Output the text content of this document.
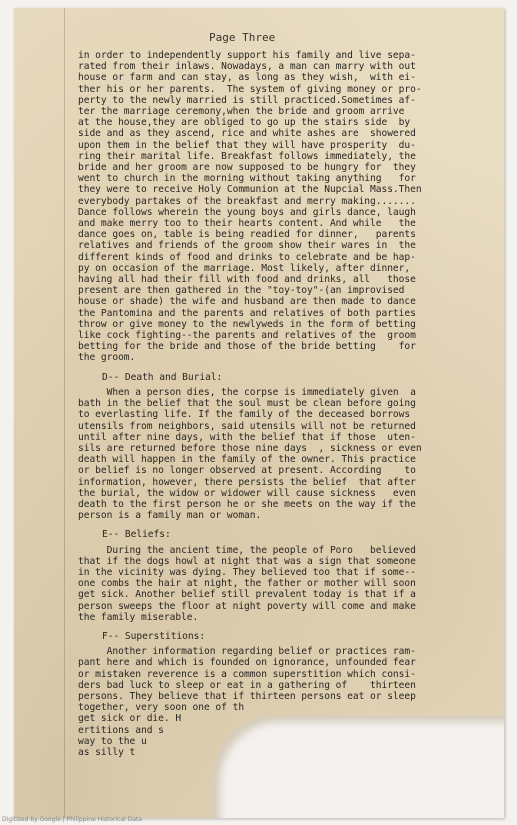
Page Three
in order to independently support his family and live sepa-
rated from their inlaws. Nowadays, a man can marry with out
house or farm and can stay, as long as they wish,  with ei-
ther his or her parents.  The system of giving money or pro-
perty to the newly married is still practiced.Sometimes af-
ter the marriage ceremony,when the bride and groom arrive
at the house,they are obliged to go up the stairs side  by
side and as they ascend, rice and white ashes are  showered
upon them in the belief that they will have prosperity  du-
ring their marital life. Breakfast follows immediately, the
bride and her groom are now supposed to be hungry for  they
went to church in the morning without taking anything   for
they were to receive Holy Communion at the Nupcial Mass.Then
everybody partakes of the breakfast and merry making.......
Dance follows wherein the young boys and girls dance, laugh
and make merry too to their hearts content. And while   the
dance goes on, table is being readied for dinner,   parents
relatives and friends of the groom show their wares in  the
different kinds of food and drinks to celebrate and be hap-
py on occasion of the marriage. Most likely, after dinner,
having all had their fill with food and drinks, all   those
present are then gathered in the "toy-toy"-(an improvised
house or shade) the wife and husband are then made to dance
the Pantomina and the parents and relatives of both parties
throw or give money to the newlyweds in the form of betting
like cock fighting--the parents and relatives of the  groom
betting for the bride and those of the bride betting    for
the groom.
D-- Death and Burial:
When a person dies, the corpse is immediately given  a
bath in the belief that the soul must be clean before going
to everlasting life. If the family of the deceased borrows
utensils from neighbors, said utensils will not be returned
until after nine days, with the belief that if those  uten-
sils are returned before those nine days  , sickness or even
death will happen in the family of the owner. This practice
or belief is no longer observed at present. According    to
information, however, there persists the belief  that after
the burial, the widow or widower will cause sickness   even
death to the first person he or she meets on the way if the
person is a family man or woman.
E-- Beliefs:
During the ancient time, the people of Poro   believed
that if the dogs howl at night that was a sign that someone
in the vicinity was dying. They believed too that if some--
one combs the hair at night, the father or mother will soon
get sick. Another belief still prevalent today is that if a
person sweeps the floor at night poverty will come and make
the family miserable.
F-- Superstitions:
Another information regarding belief or practices ram-
pant here and which is founded on ignorance, unfounded fear
or mistaken reverence is a common superstition which consi-
ders bad luck to sleep or eat in a gathering of    thirteen
persons. They believe that if thirteen persons eat or sleep
together, very soon one of th
get sick or die. H
ertitions and s
way to the u
as silly t
Digitized by Google | Philippine Historical Data
